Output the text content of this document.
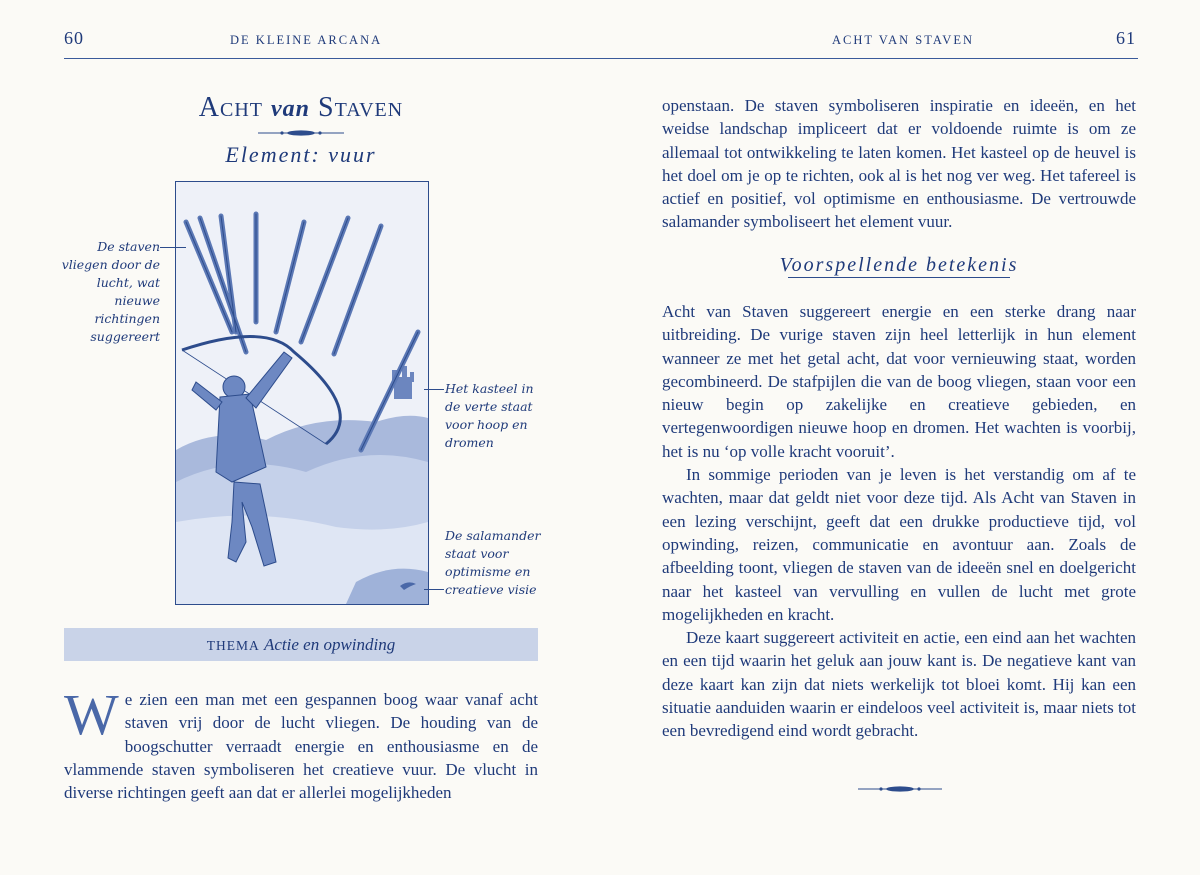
60	DE KLEINE ARCANA	ACHT VAN STAVEN	61
Acht van Staven
Element: vuur
De staven vliegen door de lucht, wat nieuwe richtingen suggereert
Het kasteel in de verte staat voor hoop en dromen
De salamander staat voor optimisme en creatieve visie
THEMA Actie en opwinding

We zien een man met een gespannen boog waar vanaf acht staven vrij door de lucht vliegen. De houding van de boogschutter verraadt energie en enthousiasme en de vlammende staven symboliseren het creatieve vuur. De vlucht in diverse richtingen geeft aan dat er allerlei mogelijkheden

openstaan. De staven symboliseren inspiratie en ideeën, en het weidse landschap impliceert dat er voldoende ruimte is om ze allemaal tot ontwikkeling te laten komen. Het kasteel op de heuvel is het doel om je op te richten, ook al is het nog ver weg. Het tafereel is actief en positief, vol optimisme en enthousiasme. De vertrouwde salamander symboliseert het element vuur.

Voorspellende betekenis

Acht van Staven suggereert energie en een sterke drang naar uitbreiding. De vurige staven zijn heel letterlijk in hun element wanneer ze met het getal acht, dat voor vernieuwing staat, worden gecombineerd. De stafpijlen die van de boog vliegen, staan voor een nieuw begin op zakelijke en creatieve gebieden, en vertegenwoordigen nieuwe hoop en dromen. Het wachten is voorbij, het is nu ‘op volle kracht vooruit’.

In sommige perioden van je leven is het verstandig om af te wachten, maar dat geldt niet voor deze tijd. Als Acht van Staven in een lezing verschijnt, geeft dat een drukke productieve tijd, vol opwinding, reizen, communicatie en avontuur aan. Zoals de afbeelding toont, vliegen de staven van de ideeën snel en doelgericht naar het kasteel van vervulling en vullen de lucht met grote mogelijkheden en kracht.

Deze kaart suggereert activiteit en actie, een eind aan het wachten en een tijd waarin het geluk aan jouw kant is. De negatieve kant van deze kaart kan zijn dat niets werkelijk tot bloei komt. Hij kan een situatie aanduiden waarin er eindeloos veel activiteit is, maar niets tot een bevredigend eind wordt gebracht.
